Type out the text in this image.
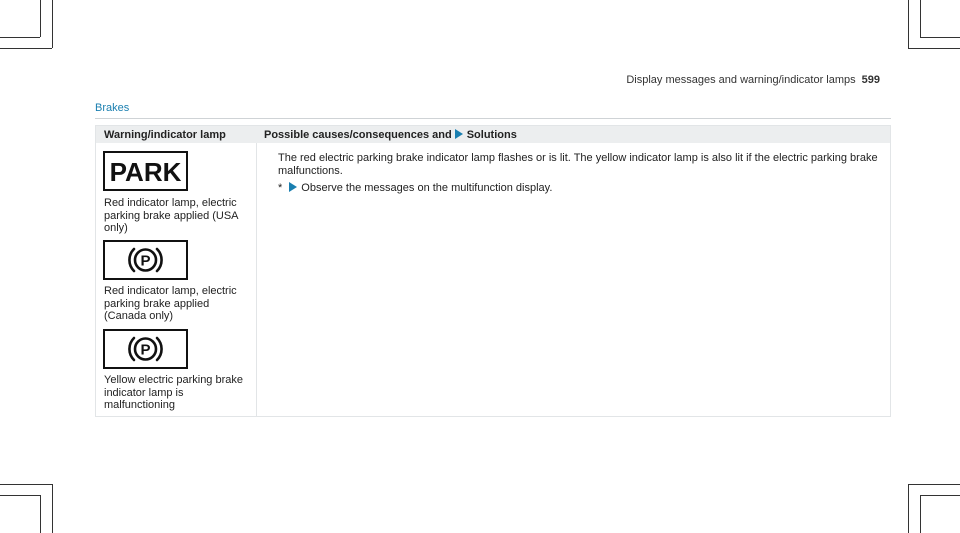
Display messages and warning/indicator lamps 599
Brakes
Warning/indicator lamp	Possible causes/consequences and Solutions
PARK
Red indicator lamp, electric parking brake applied (USA only)
P
Red indicator lamp, electric parking brake applied (Canada only)
P
Yellow electric parking brake indicator lamp is malfunctioning
The red electric parking brake indicator lamp flashes or is lit. The yellow indicator lamp is also lit if the electric parking brake malfunctions.
* Observe the messages on the multifunction display.
